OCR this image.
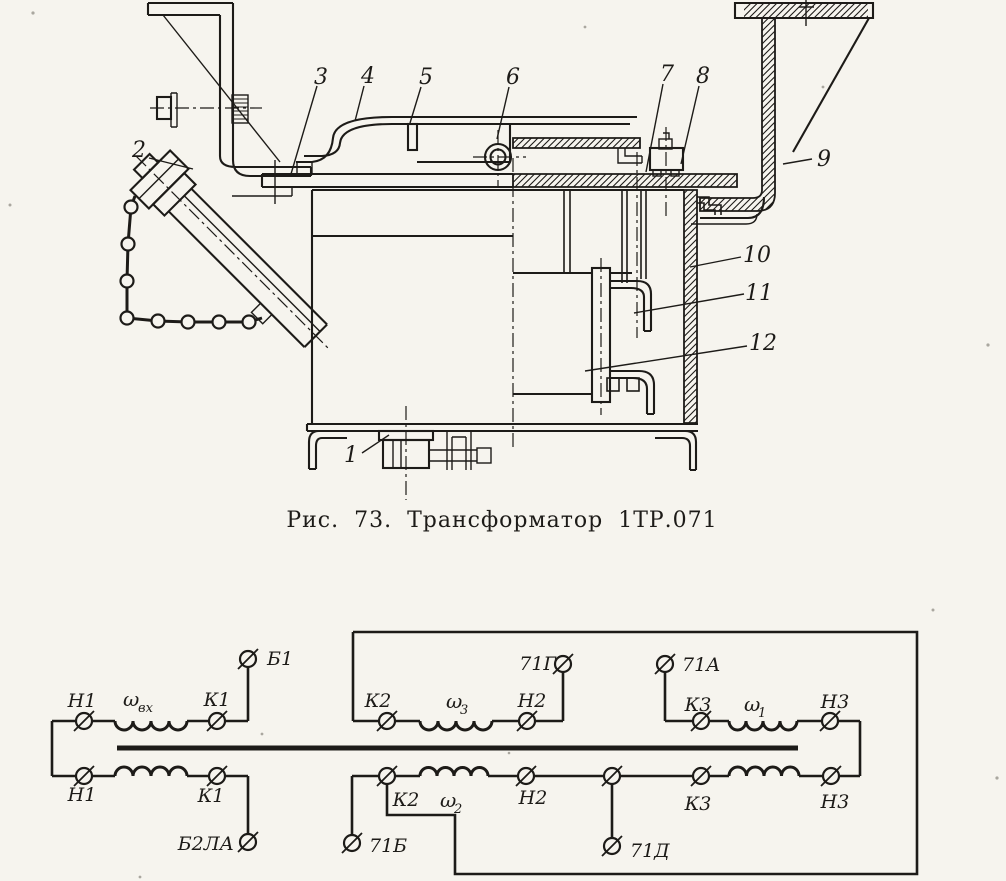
1
2
3 4 5	6	7 8
9
10
11
12
Рис. 73. Трансформатор 1ТР.071
Н1 ω
вх	К1
Б1
К2	ω
3	Н2
71Г	71А
К3 ω
1
Н3
Н1	К1
Б2ЛА	71Б
К2 ω
2
Н2
71Д
К3	Н3
